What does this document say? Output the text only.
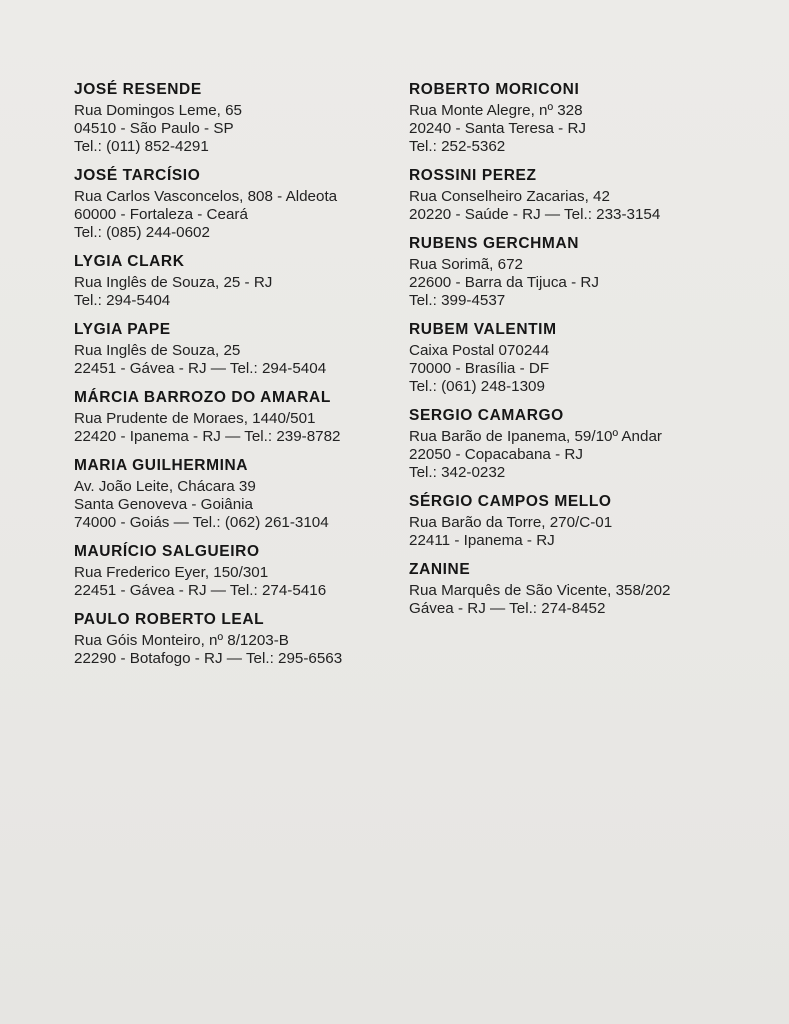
JOSÉ RESENDE
Rua Domingos Leme, 65
04510 - São Paulo - SP
Tel.: (011) 852-4291
JOSÉ TARCÍSIO
Rua Carlos Vasconcelos, 808 - Aldeota
60000 - Fortaleza - Ceará
Tel.: (085) 244-0602
LYGIA CLARK
Rua Inglês de Souza, 25 - RJ
Tel.: 294-5404
LYGIA PAPE
Rua Inglês de Souza, 25
22451 - Gávea - RJ — Tel.: 294-5404
MÁRCIA BARROZO DO AMARAL
Rua Prudente de Moraes, 1440/501
22420 - Ipanema - RJ — Tel.: 239-8782
MARIA GUILHERMINA
Av. João Leite, Chácara 39
Santa Genoveva - Goiânia
74000 - Goiás — Tel.: (062) 261-3104
MAURÍCIO SALGUEIRO
Rua Frederico Eyer, 150/301
22451 - Gávea - RJ — Tel.: 274-5416
PAULO ROBERTO LEAL
Rua Góis Monteiro, nº 8/1203-B
22290 - Botafogo - RJ — Tel.: 295-6563
ROBERTO MORICONI
Rua Monte Alegre, nº 328
20240 - Santa Teresa - RJ
Tel.: 252-5362
ROSSINI PEREZ
Rua Conselheiro Zacarias, 42
20220 - Saúde - RJ — Tel.: 233-3154
RUBENS GERCHMAN
Rua Sorimã, 672
22600 - Barra da Tijuca - RJ
Tel.: 399-4537
RUBEM VALENTIM
Caixa Postal 070244
70000 - Brasília - DF
Tel.: (061) 248-1309
SERGIO CAMARGO
Rua Barão de Ipanema, 59/10º Andar
22050 - Copacabana - RJ
Tel.: 342-0232
SÉRGIO CAMPOS MELLO
Rua Barão da Torre, 270/C-01
22411 - Ipanema - RJ
ZANINE
Rua Marquês de São Vicente, 358/202
Gávea - RJ — Tel.: 274-8452
